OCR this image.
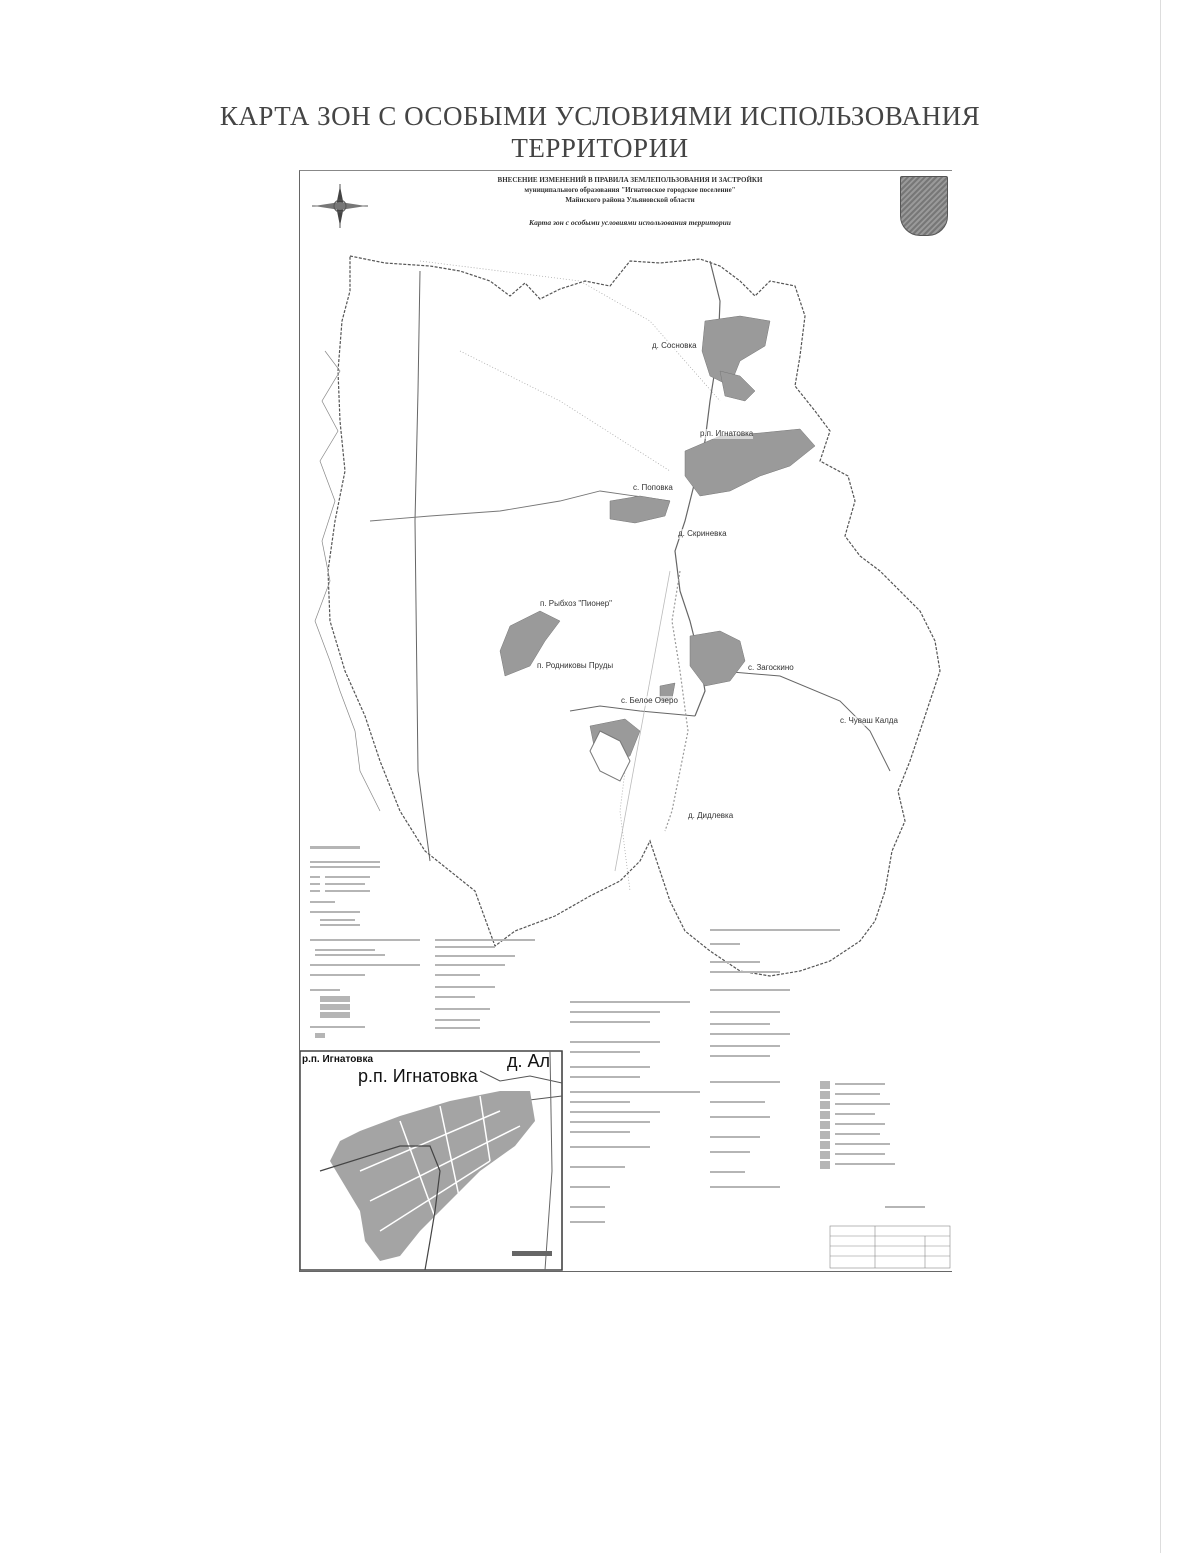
КАРТА ЗОН С ОСОБЫМИ УСЛОВИЯМИ ИСПОЛЬЗОВАНИЯ
ТЕРРИТОРИИ
ВНЕСЕНИЕ ИЗМЕНЕНИЙ В ПРАВИЛА ЗЕМЛЕПОЛЬЗОВАНИЯ И ЗАСТРОЙКИ
муниципального образования "Игнатовское городское поселение"
Майнского района Ульяновской области
Карта зон с особыми условиями использования территории
д. Сосновка
р.п. Игнатовка
с. Поповка
д. Скриневка
п. Рыбхоз "Пионер"
п. Родниковы Пруды
с. Белое Озеро
с. Загоскино
с. Чуваш Калда
д. Дидлевка
р.п. Игнатовка
р.п. Игнатовка
д. Ал
